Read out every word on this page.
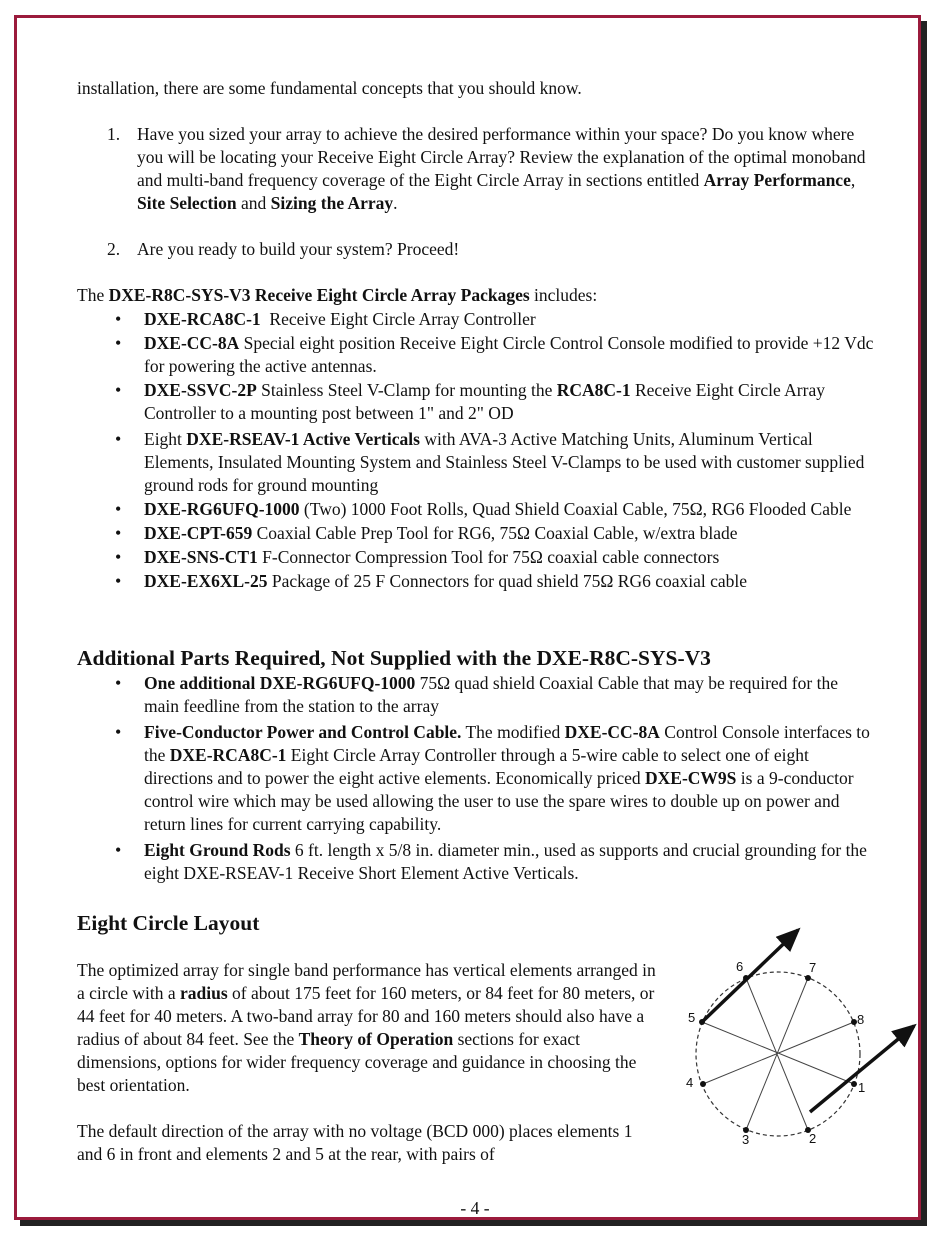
installation, there are some fundamental concepts that you should know.
1. Have you sized your array to achieve the desired performance within your space? Do you know where you will be locating your Receive Eight Circle Array? Review the explanation of the optimal monoband and multi-band frequency coverage of the Eight Circle Array in sections entitled Array Performance, Site Selection and Sizing the Array.
2. Are you ready to build your system? Proceed!
The DXE-R8C-SYS-V3 Receive Eight Circle Array Packages includes:
• DXE-RCA8C-1  Receive Eight Circle Array Controller
• DXE-CC-8A Special eight position Receive Eight Circle Control Console modified to provide +12 Vdc for powering the active antennas.
• DXE-SSVC-2P Stainless Steel V-Clamp for mounting the RCA8C-1 Receive Eight Circle Array Controller to a mounting post between 1" and 2" OD
• Eight DXE-RSEAV-1 Active Verticals with AVA-3 Active Matching Units, Aluminum Vertical Elements, Insulated Mounting System and Stainless Steel V-Clamps to be used with customer supplied ground rods for ground mounting
• DXE-RG6UFQ-1000 (Two) 1000 Foot Rolls, Quad Shield Coaxial Cable, 75Ω, RG6 Flooded Cable
• DXE-CPT-659 Coaxial Cable Prep Tool for RG6, 75Ω Coaxial Cable, w/extra blade
• DXE-SNS-CT1 F-Connector Compression Tool for 75Ω coaxial cable connectors
• DXE-EX6XL-25 Package of 25 F Connectors for quad shield 75Ω RG6 coaxial cable
Additional Parts Required, Not Supplied with the DXE-R8C-SYS-V3
• One additional DXE-RG6UFQ-1000 75Ω quad shield Coaxial Cable that may be required for the main feedline from the station to the array
• Five-Conductor Power and Control Cable. The modified DXE-CC-8A Control Console interfaces to the DXE-RCA8C-1 Eight Circle Array Controller through a 5-wire cable to select one of eight directions and to power the eight active elements. Economically priced DXE-CW9S is a 9-conductor control wire which may be used allowing the user to use the spare wires to double up on power and return lines for current carrying capability.
• Eight Ground Rods 6 ft. length x 5/8 in. diameter min., used as supports and crucial grounding for the eight DXE-RSEAV-1 Receive Short Element Active Verticals.
Eight Circle Layout
The optimized array for single band performance has vertical elements arranged in a circle with a radius of about 175 feet for 160 meters, or 84 feet for 80 meters, or 44 feet for 40 meters. A two-band array for 80 and 160 meters should also have a radius of about 84 feet. See the Theory of Operation sections for exact dimensions, options for wider frequency coverage and guidance in choosing the best orientation.
The default direction of the array with no voltage (BCD 000) places elements 1 and 6 in front and elements 2 and 5 at the rear, with pairs of
1
2
3
4
5
6	7
8
- 4 -
